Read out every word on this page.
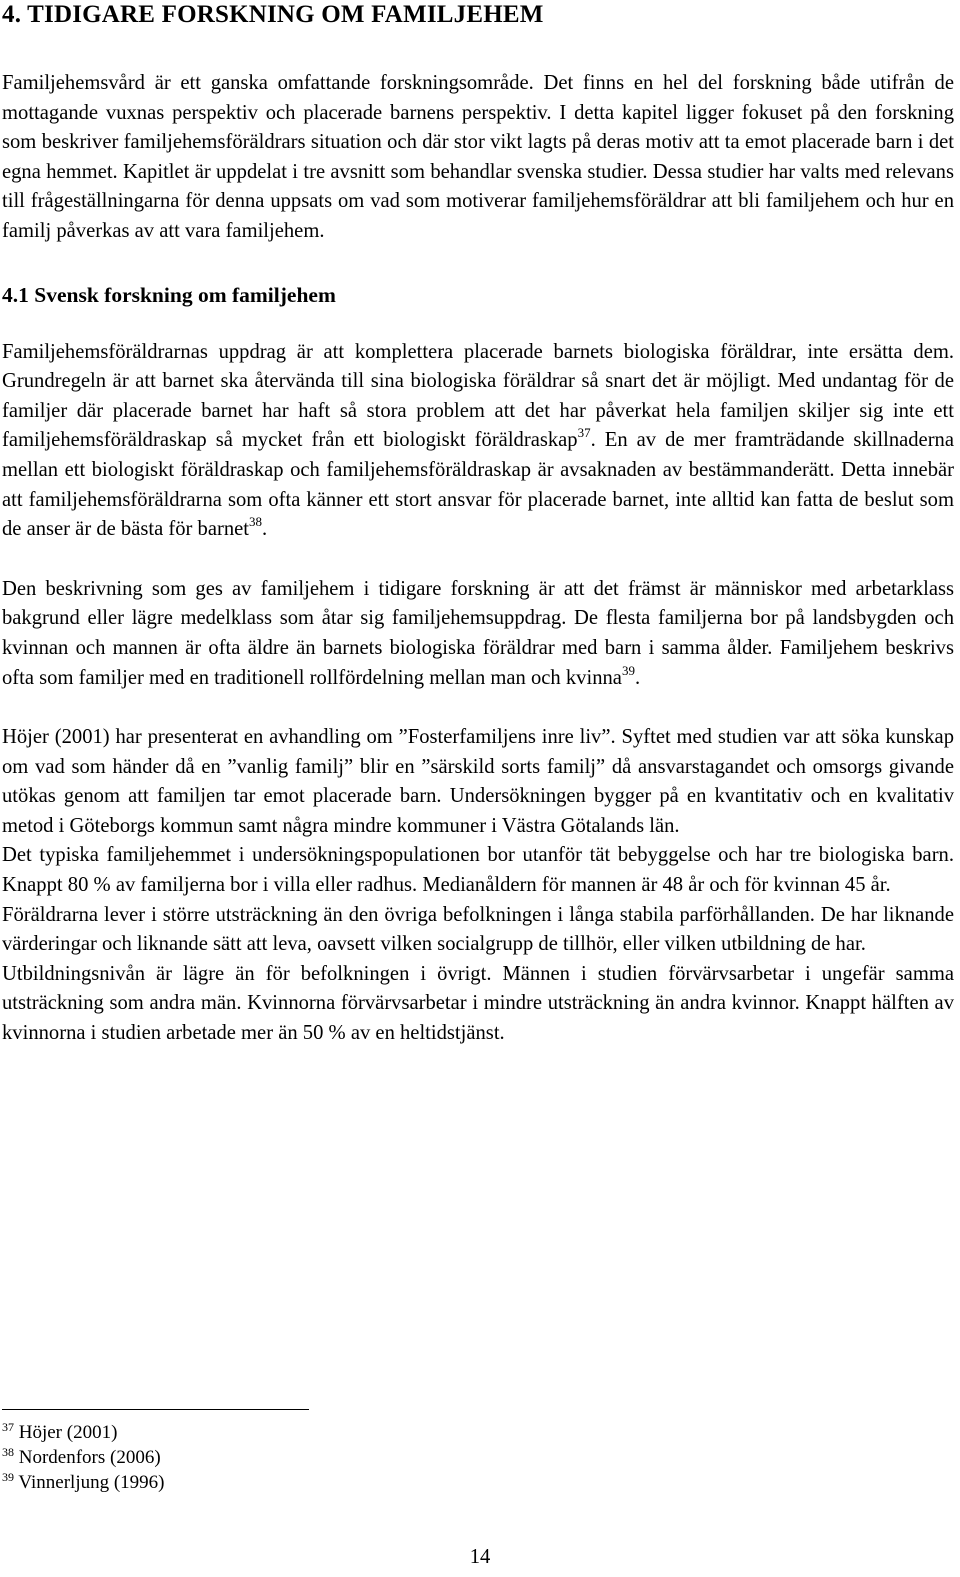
4. TIDIGARE FORSKNING OM FAMILJEHEM

Familjehemsvård är ett ganska omfattande forskningsområde. Det finns en hel del forskning både utifrån de mottagande vuxnas perspektiv och placerade barnens perspektiv. I detta kapitel ligger fokuset på den forskning som beskriver familjehemsföräldrars situation och där stor vikt lagts på deras motiv att ta emot placerade barn i det egna hemmet. Kapitlet är uppdelat i tre avsnitt som behandlar svenska studier. Dessa studier har valts med relevans till frågeställningarna för denna uppsats om vad som motiverar familjehemsföräldrar att bli familjehem och hur en familj påverkas av att vara familjehem.

4.1 Svensk forskning om familjehem

Familjehemsföräldrarnas uppdrag är att komplettera placerade barnets biologiska föräldrar, inte ersätta dem. Grundregeln är att barnet ska återvända till sina biologiska föräldrar så snart det är möjligt. Med undantag för de familjer där placerade barnet har haft så stora problem att det har påverkat hela familjen skiljer sig inte ett familjehemsföräldraskap så mycket från ett biologiskt föräldraskap$^{37}$. En av de mer framträdande skillnaderna mellan ett biologiskt föräldraskap och familjehemsföräldraskap är avsaknaden av bestämmanderätt. Detta innebär att familjehemsföräldrarna som ofta känner ett stort ansvar för placerade barnet, inte alltid kan fatta de beslut som de anser är de bästa för barnet$^{38}$.

Den beskrivning som ges av familjehem i tidigare forskning är att det främst är människor med arbetarklass bakgrund eller lägre medelklass som åtar sig familjehemsuppdrag. De flesta familjerna bor på landsbygden och kvinnan och mannen är ofta äldre än barnets biologiska föräldrar med barn i samma ålder. Familjehem beskrivs ofta som familjer med en traditionell rollfördelning mellan man och kvinna$^{39}$.

Höjer (2001) har presenterat en avhandling om ”Fosterfamiljens inre liv”. Syftet med studien var att söka kunskap om vad som händer då en ”vanlig familj” blir en ”särskild sorts familj” då ansvarstagandet och omsorgs givande utökas genom att familjen tar emot placerade barn. Undersökningen bygger på en kvantitativ och en kvalitativ metod i Göteborgs kommun samt några mindre kommuner i Västra Götalands län.

Det typiska familjehemmet i undersökningspopulationen bor utanför tät bebyggelse och har tre biologiska barn. Knappt 80 % av familjerna bor i villa eller radhus. Medianåldern för mannen är 48 år och för kvinnan 45 år.

Föräldrarna lever i större utsträckning än den övriga befolkningen i långa stabila parförhållanden. De har liknande värderingar och liknande sätt att leva, oavsett vilken socialgrupp de tillhör, eller vilken utbildning de har.

Utbildningsnivån är lägre än för befolkningen i övrigt. Männen i studien förvärvsarbetar i ungefär samma utsträckning som andra män. Kvinnorna förvärvsarbetar i mindre utsträckning än andra kvinnor. Knappt hälften av kvinnorna i studien arbetade mer än 50 % av en heltidstjänst.

$^{37}$ Höjer (2001)
$^{38}$ Nordenfors (2006)
$^{39}$ Vinnerljung (1996)
14
